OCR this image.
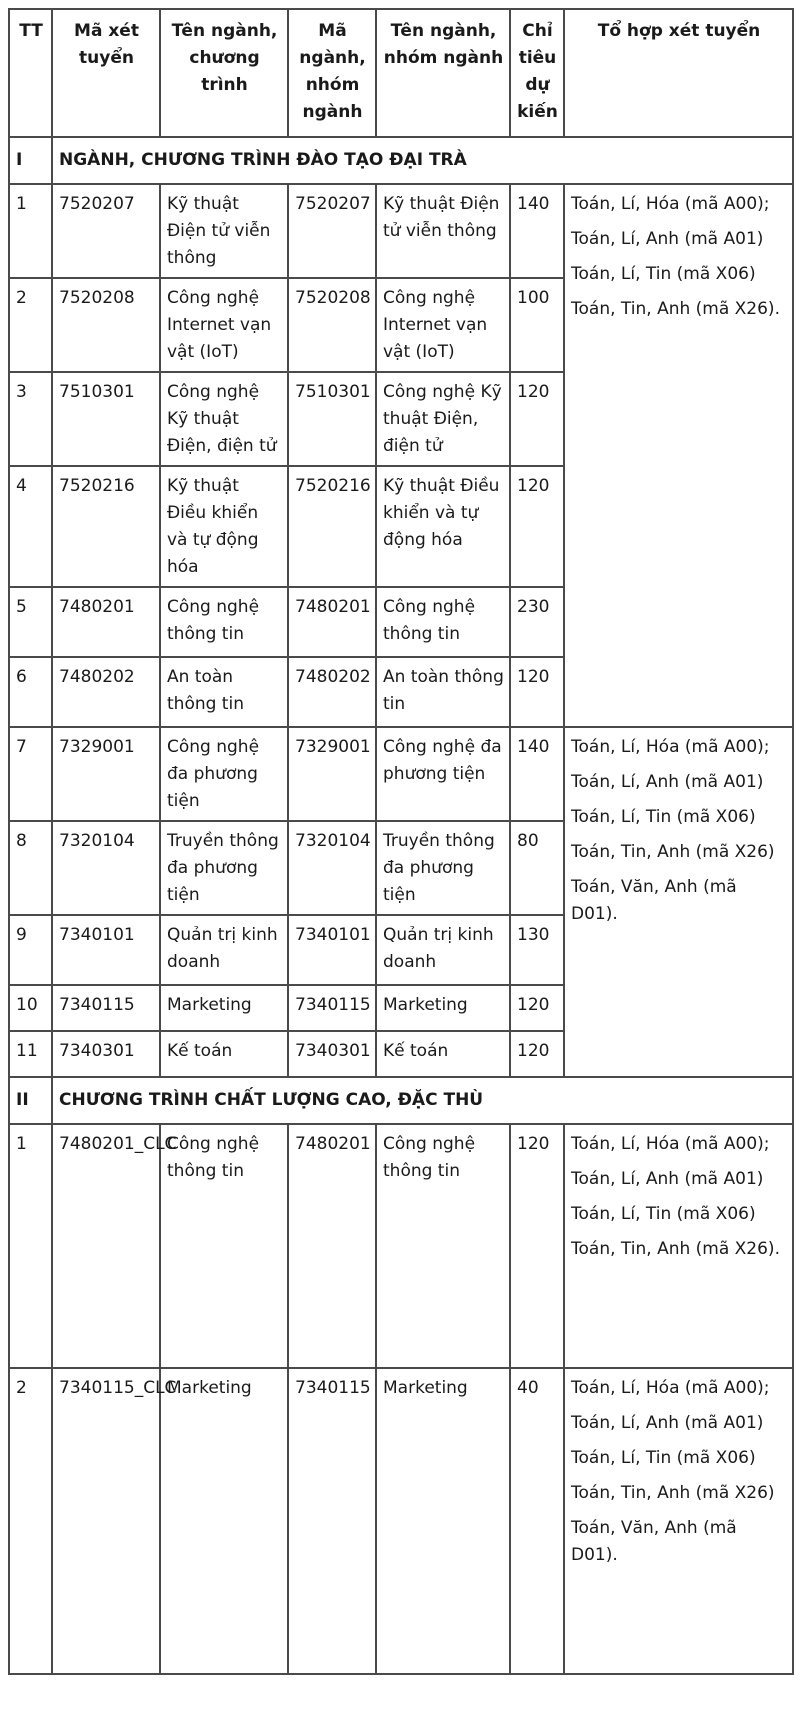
TT	Mã xét tuyển	Tên ngành, chương trình	Mã ngành, nhóm ngành	Tên ngành, nhóm ngành	Chỉ tiêu dự kiến	Tổ hợp xét tuyển
I	NGÀNH, CHƯƠNG TRÌNH ĐÀO TẠO ĐẠI TRÀ					
1	7520207	Kỹ thuật Điện tử viễn thông	7520207	Kỹ thuật Điện tử viễn thông	140	Toán, Lí, Hóa (mã A00);

Toán, Lí, Anh (mã A01)

Toán, Lí, Tin (mã X06)

Toán, Tin, Anh (mã X26).

2	7520208	Công nghệ Internet vạn vật (IoT)	7520208	Công nghệ Internet vạn vật (IoT)	100	
3	7510301	Công nghệ Kỹ thuật Điện, điện tử	7510301	Công nghệ Kỹ thuật Điện, điện tử	120	
4	7520216	Kỹ thuật Điều khiển và tự động hóa	7520216	Kỹ thuật Điều khiển và tự động hóa	120	
5	7480201	Công nghệ thông tin	7480201	Công nghệ thông tin	230	
6	7480202	An toàn thông tin	7480202	An toàn thông tin	120	
7	7329001	Công nghệ đa phương tiện	7329001	Công nghệ đa phương tiện	140	Toán, Lí, Hóa (mã A00);

Toán, Lí, Anh (mã A01)

Toán, Lí, Tin (mã X06)

Toán, Tin, Anh (mã X26)

Toán, Văn, Anh (mã D01).

8	7320104	Truyền thông đa phương tiện	7320104	Truyền thông đa phương tiện	80	
9	7340101	Quản trị kinh doanh	7340101	Quản trị kinh doanh	130	
10	7340115	Marketing	7340115	Marketing	120	
11	7340301	Kế toán	7340301	Kế toán	120	
II	CHƯƠNG TRÌNH CHẤT LƯỢNG CAO, ĐẶC THÙ					
1	7480201_CLC	Công nghệ thông tin	7480201	Công nghệ thông tin	120	Toán, Lí, Hóa (mã A00);

Toán, Lí, Anh (mã A01)

Toán, Lí, Tin (mã X06)

Toán, Tin, Anh (mã X26).

2	7340115_CLC	Marketing	7340115	Marketing	40	Toán, Lí, Hóa (mã A00);

Toán, Lí, Anh (mã A01)

Toán, Lí, Tin (mã X06)

Toán, Tin, Anh (mã X26)

Toán, Văn, Anh (mã D01).
